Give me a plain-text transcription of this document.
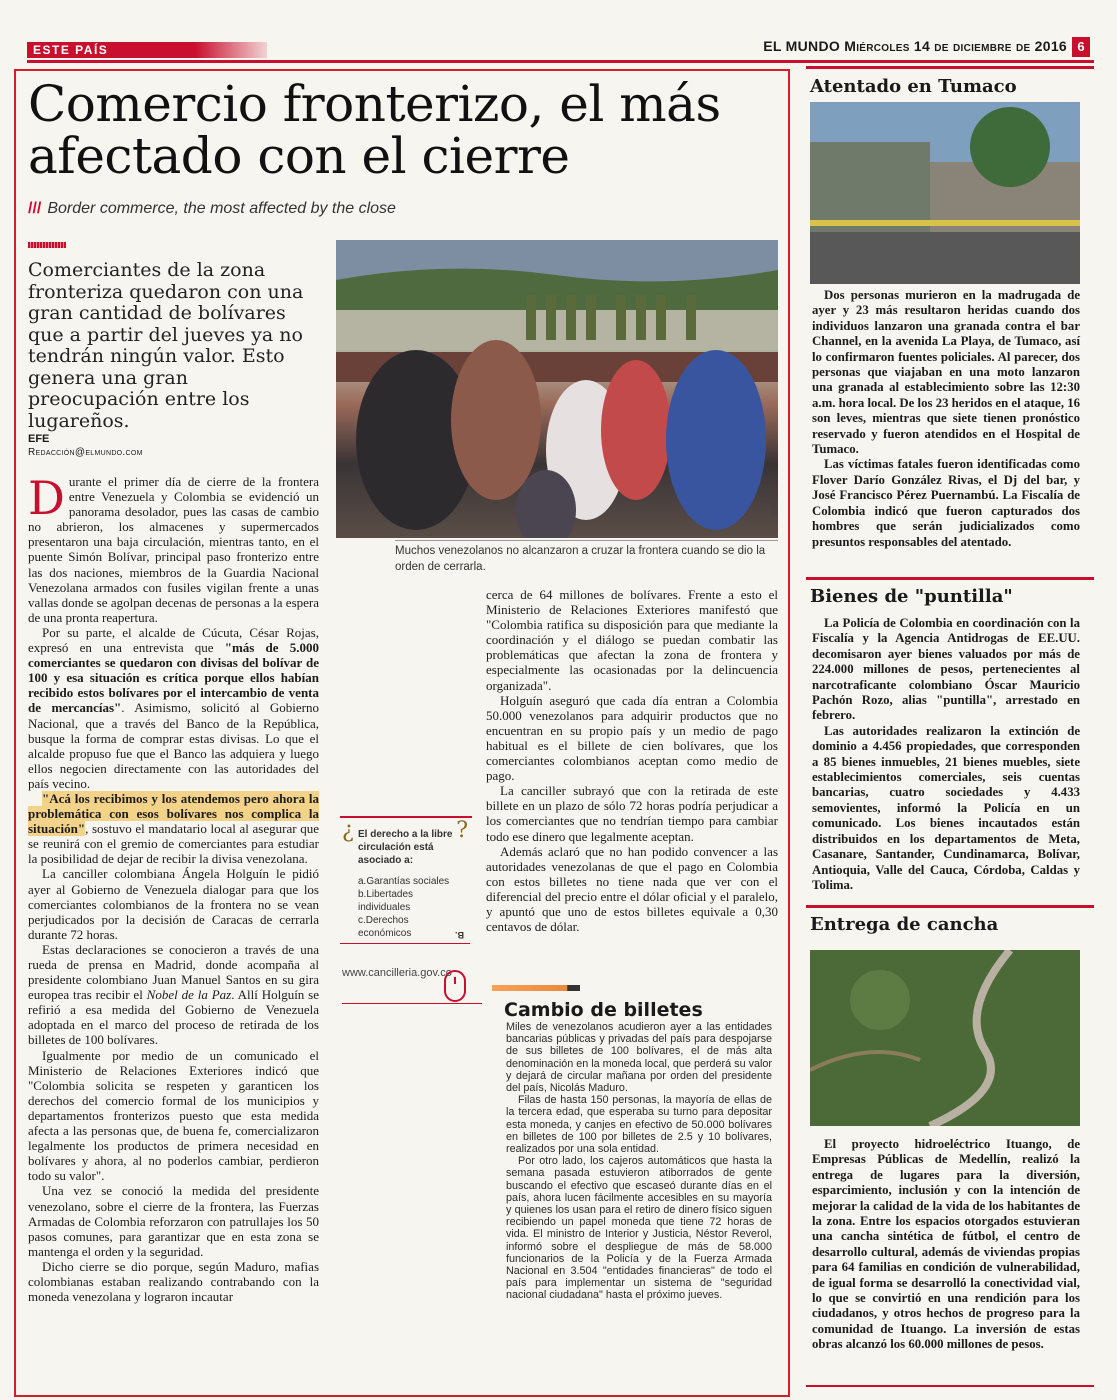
ESTE PAÍS	EL MUNDO Miércoles 14 de diciembre de 2016 6
Comercio fronterizo, el más afectado con el cierre
/// Border commerce, the most affected by the close
Comerciantes de la zona fronteriza quedaron con una gran cantidad de bolívares que a partir del jueves ya no tendrán ningún valor. Esto genera una gran preocupación entre los lugareños.
EFE
Redacción@elmundo.com
EFE
Muchos venezolanos no alcanzaron a cruzar la frontera cuando se dio la orden de cerrarla.

Durante el primer día de cierre de la frontera entre Venezuela y Colombia se evidenció un panorama desolador, pues las casas de cambio no abrieron, los almacenes y supermercados presentaron una baja circulación, mientras tanto, en el puente Simón Bolívar, principal paso fronterizo entre las dos naciones, miembros de la Guardia Nacional Venezolana armados con fusiles vigilan frente a unas vallas donde se agolpan decenas de personas a la espera de una pronta reapertura.

Por su parte, el alcalde de Cúcuta, César Rojas, expresó en una entrevista que "más de 5.000 comerciantes se quedaron con divisas del bolívar de 100 y esa situación es crítica porque ellos habían recibido estos bolívares por el intercambio de venta de mercancías". Asimismo, solicitó al Gobierno Nacional, que a través del Banco de la República, busque la forma de comprar estas divisas. Lo que el alcalde propuso fue que el Banco las adquiera y luego ellos negocien directamente con las autoridades del país vecino.

"Acá los recibimos y los atendemos pero ahora la problemática con esos bolívares nos complica la situación", sostuvo el mandatario local al asegurar que se reunirá con el gremio de comerciantes para estudiar la posibilidad de dejar de recibir la divisa venezolana.

La canciller colombiana Ángela Holguín le pidió ayer al Gobierno de Venezuela dialogar para que los comerciantes colombianos de la frontera no se vean perjudicados por la decisión de Caracas de cerrarla durante 72 horas.

Estas declaraciones se conocieron a través de una rueda de prensa en Madrid, donde acompaña al presidente colombiano Juan Manuel Santos en su gira europea tras recibir el Nobel de la Paz. Allí Holguín se refirió a esa medida del Gobierno de Venezuela adoptada en el marco del proceso de retirada de los billetes de 100 bolívares.

Igualmente por medio de un comunicado el Ministerio de Relaciones Exteriores indicó que "Colombia solicita se respeten y garanticen los derechos del comercio formal de los municipios y departamentos fronterizos puesto que esta medida afecta a las personas que, de buena fe, comercializaron legalmente los productos de primera necesidad en bolívares y ahora, al no poderlos cambiar, perdieron todo su valor".

Una vez se conoció la medida del presidente venezolano, sobre el cierre de la frontera, las Fuerzas Armadas de Colombia reforzaron con patrullajes los 50 pasos comunes, para garantizar que en esta zona se mantenga el orden y la seguridad.

Dicho cierre se dio porque, según Maduro, mafias colombianas estaban realizando contrabando con la moneda venezolana y lograron incautar

¿	?
El derecho a la libre circulación está asociado a:
a.Garantías sociales
b.Libertades individuales
c.Derechos económicos	B.
www.cancilleria.gov.co

cerca de 64 millones de bolívares. Frente a esto el Ministerio de Relaciones Exteriores manifestó que "Colombia ratifica su disposición para que mediante la coordinación y el diálogo se puedan combatir las problemáticas que afectan la zona de frontera y especialmente las ocasionadas por la delincuencia organizada".

Holguín aseguró que cada día entran a Colombia 50.000 venezolanos para adquirir productos que no encuentran en su propio país y un medio de pago habitual es el billete de cien bolívares, que los comerciantes colombianos aceptan como medio de pago.

La canciller subrayó que con la retirada de este billete en un plazo de sólo 72 horas podría perjudicar a los comerciantes que no tendrían tiempo para cambiar todo ese dinero que legalmente aceptan.

Además aclaró que no han podido convencer a las autoridades venezolanas de que el pago en Colombia con estos billetes no tiene nada que ver con el diferencial del precio entre el dólar oficial y el paralelo, y apuntó que uno de estos billetes equivale a 0,30 centavos de dólar.

Cambio de billetes

Miles de venezolanos acudieron ayer a las entidades bancarias públicas y privadas del país para despojarse de sus billetes de 100 bolívares, el de más alta denominación en la moneda local, que perderá su valor y dejará de circular mañana por orden del presidente del país, Nicolás Maduro.

Filas de hasta 150 personas, la mayoría de ellas de la tercera edad, que esperaba su turno para depositar esta moneda, y canjes en efectivo de 50.000 bolívares en billetes de 100 por billetes de 2.5 y 10 bolívares, realizados por una sola entidad.

Por otro lado, los cajeros automáticos que hasta la semana pasada estuvieron atiborrados de gente buscando el efectivo que escaseó durante días en el país, ahora lucen fácilmente accesibles en su mayoría y quienes los usan para el retiro de dinero físico siguen recibiendo un papel moneda que tiene 72 horas de vida. El ministro de Interior y Justicia, Néstor Reverol, informó sobre el despliegue de más de 58.000 funcionarios de la Policía y de la Fuerza Armada Nacional en 3.504 "entidades financieras" de todo el país para implementar un sistema de "seguridad nacional ciudadana" hasta el próximo jueves.

Atentado en Tumaco

Dos personas murieron en la madrugada de ayer y 23 más resultaron heridas cuando dos individuos lanzaron una granada contra el bar Channel, en la avenida La Playa, de Tumaco, así lo confirmaron fuentes policiales. Al parecer, dos personas que viajaban en una moto lanzaron una granada al establecimiento sobre las 12:30 a.m. hora local. De los 23 heridos en el ataque, 16 son leves, mientras que siete tienen pronóstico reservado y fueron atendidos en el Hospital de Tumaco.

Las víctimas fatales fueron identificadas como Flover Darío González Rivas, el Dj del bar, y José Francisco Pérez Puernambú. La Fiscalía de Colombia indicó que fueron capturados dos hombres que serán judicializados como presuntos responsables del atentado.

Bienes de "puntilla"

La Policía de Colombia en coordinación con la Fiscalía y la Agencia Antidrogas de EE.UU. decomisaron ayer bienes valuados por más de 224.000 millones de pesos, pertenecientes al narcotraficante colombiano Óscar Mauricio Pachón Rozo, alias "puntilla", arrestado en febrero.

Las autoridades realizaron la extinción de dominio a 4.456 propiedades, que corresponden a 85 bienes inmuebles, 21 bienes muebles, siete establecimientos comerciales, seis cuentas bancarias, cuatro sociedades y 4.433 semovientes, informó la Policía en un comunicado. Los bienes incautados están distribuidos en los departamentos de Meta, Casanare, Santander, Cundinamarca, Bolívar, Antioquia, Valle del Cauca, Córdoba, Caldas y Tolima.

Entrega de cancha

El proyecto hidroeléctrico Ituango, de Empresas Públicas de Medellín, realizó la entrega de lugares para la diversión, esparcimiento, inclusión y con la intención de mejorar la calidad de la vida de los habitantes de la zona. Entre los espacios otorgados estuvieran una cancha sintética de fútbol, el centro de desarrollo cultural, además de viviendas propias para 64 familias en condición de vulnerabilidad, de igual forma se desarrolló la conectividad vial, lo que se convirtió en una rendición para los ciudadanos, y otros hechos de progreso para la comunidad de Ituango. La inversión de estas obras alcanzó los 60.000 millones de pesos.
